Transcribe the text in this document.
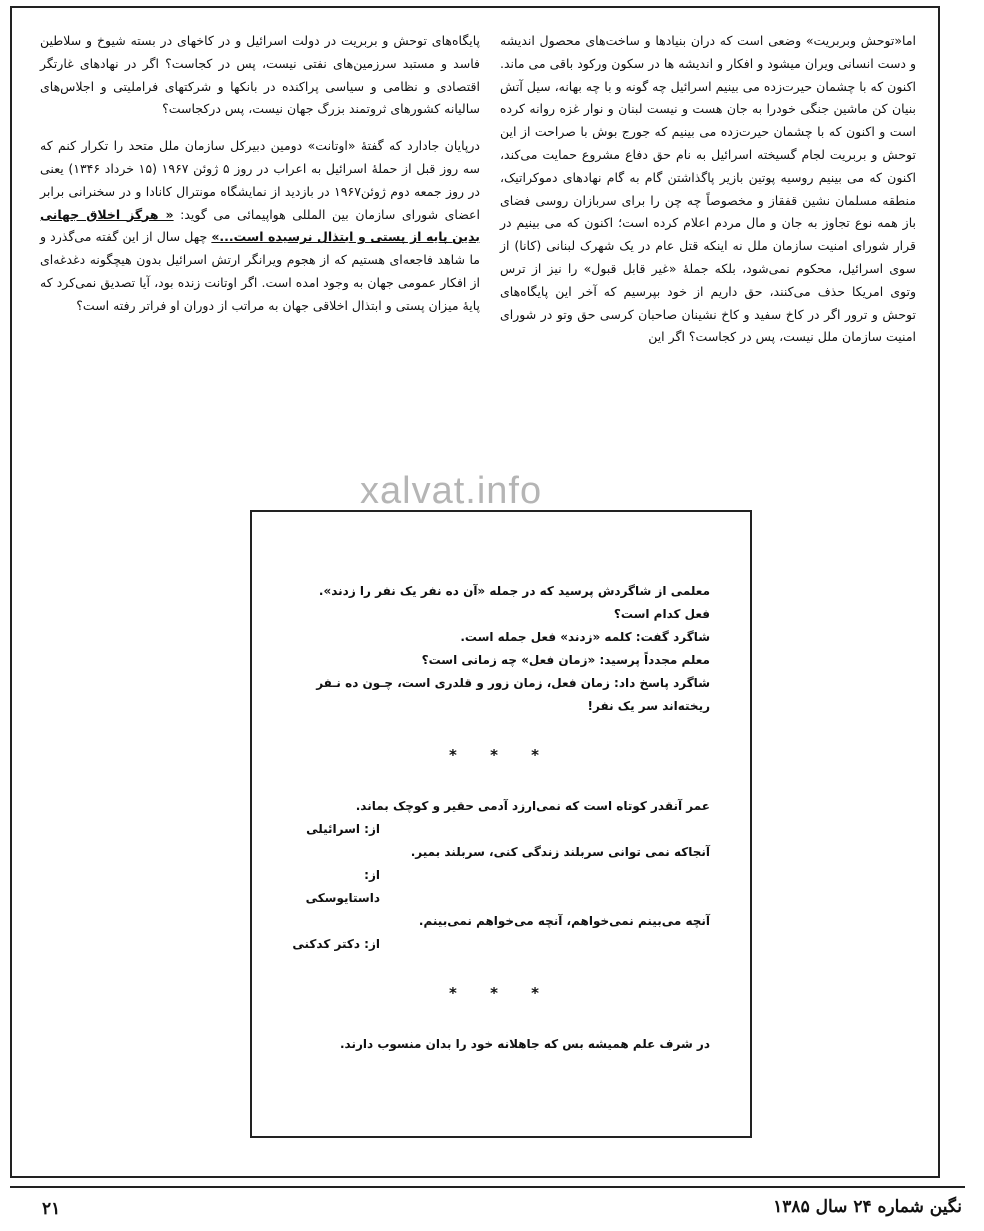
اما«توحش وبربریت» وضعی است که دران بنیادها و ساخت‌های محصول اندیشه و دست انسانی ویران میشود و افکار و اندیشه ها در سکون ورکود باقی می ماند. اکنون که با چشمان حیرت‌زده می بینیم اسرائیل چه گونه و با چه بهانه، سیل آتش بنیان کن ماشین جنگی خودرا به جان هست و نیست لبنان و نوار غزه روانه کرده است و اکنون که با چشمان حیرت‌زده می بینیم که جورج بوش با صراحت از این توحش و بربریت لجام گسیخته اسرائیل به نام حق دفاع مشروع حمایت می‌کند، اکنون که می بینیم روسیه پوتین بازیر پاگذاشتن گام به گام نهادهای دموکراتیک، منطقه مسلمان نشین قفقاز و مخصوصاً چه چن را برای سربازان روسی فضای باز همه نوع تجاوز به جان و مال مردم اعلام کرده است؛ اکنون که می بینیم در قرار شورای امنیت سازمان ملل نه اینکه قتل عام در یک شهرک لبنانی (کانا) از سوی اسرائیل، محکوم نمی‌شود، بلکه جملهٔ «غیر قابل قبول» را نیز از ترس وتوی امریکا حذف می‌کنند، حق داریم از خود بپرسیم که آخر این پایگاه‌های توحش و ترور اگر در کاخ سفید و کاخ نشینان صاحبان کرسی حق وتو در شورای امنیت سازمان ملل نیست، پس در کجاست؟ اگر این

پایگاه‌های توحش و بربریت در دولت اسرائیل و در کاخهای در بسته شیوخ و سلاطین فاسد و مستبد سرزمین‌های نفتی نیست، پس در کجاست؟ اگر در نهادهای غارتگر اقتصادی و نظامی و سیاسی پراکنده در بانکها و شرکتهای فراملیتی و اجلاس‌های سالیانه کشورهای ثروتمند بزرگ جهان نیست، پس درکجاست؟

درپایان جادارد که گفتهٔ «اوتانت» دومین دبیرکل سازمان ملل متحد را تکرار کنم که سه روز قبل از حملهٔ اسرائیل به اعراب در روز ۵ ژوئن ۱۹۶۷ (۱۵ خرداد ۱۳۴۶) یعنی در روز جمعه دوم ژوئن۱۹۶۷ در بازدید از نمایشگاه مونترال کانادا و در سخنرانی برابر اعضای شورای سازمان بین المللی هواپیمائی می گوید: « هرگز اخلاق جهانی بدین پایه از پستی و ابتذال نرسیده است...» چهل سال از این گفته می‌گذرد و ما شاهد فاجعه‌ای هستیم که از هجوم ویرانگر ارتش اسرائیل بدون هیچگونه دغدغه‌ای از افکار عمومی جهان به وجود امده است. اگر اوتانت زنده بود، آیا تصدیق نمی‌کرد که پایهٔ میزان پستی و ابتذال اخلاقی جهان به مراتب از دوران او فراتر رفته است؟

xalvat.info

معلمی از شاگردش پرسید که در جمله «آن ده نفر یک نفر را زدند». فعل کدام است؟

شاگرد گفت: کلمه «زدند» فعل جمله است.

معلم مجدداً پرسید: «زمان فعل» چه زمانی است؟

شاگرد پاسخ داد: زمان فعل، زمان زور و قلدری است، چـون ده نـفر ریخته‌اند سر یک نفر!

* * *

عمر آنقدر کوتاه است که نمی‌ارزد آدمی حقیر و کوچک بماند.

از: اسرائیلی

آنجاکه نمی توانی سربلند زندگی کنی، سربلند بمیر.

از: داستایوسکی

آنچه می‌بینم نمی‌خواهم، آنچه می‌خواهم نمی‌بینم.

از: دکتر کدکنی

* * *

در شرف علم همیشه بس که جاهلانه خود را بدان منسوب دارند.

نگین شماره ۲۴ سال ۱۳۸۵
۲۱
